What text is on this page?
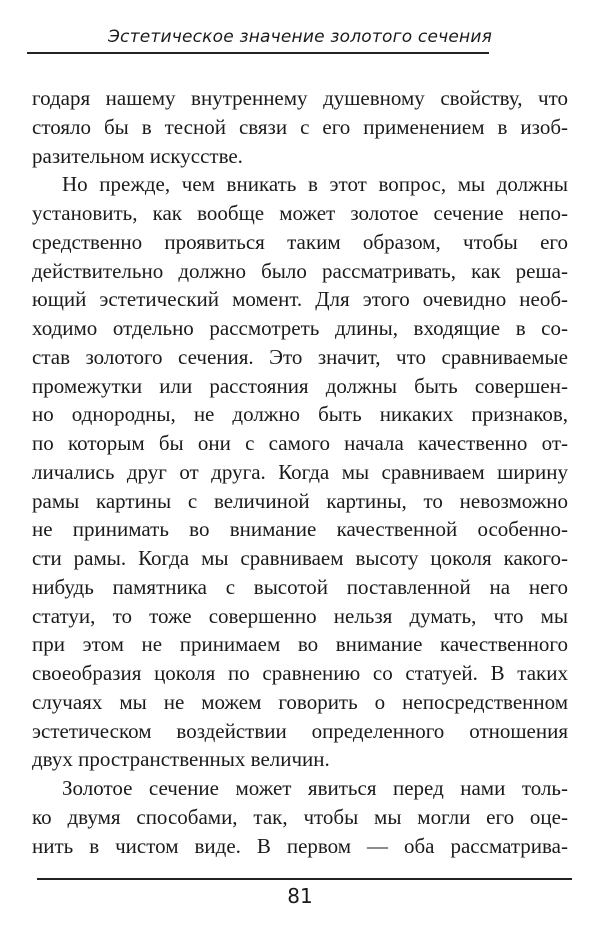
Эстетическое значение золотого сечения
годаря нашему внутреннему душевному свойству, что
стояло бы в тесной связи с его применением в изоб-
разительном искусстве.
Но прежде, чем вникать в этот вопрос, мы должны
установить, как вообще может золотое сечение непо-
средственно проявиться таким образом, чтобы его
действительно должно было рассматривать, как реша-
ющий эстетический момент. Для этого очевидно необ-
ходимо отдельно рассмотреть длины, входящие в со-
став золотого сечения. Это значит, что сравниваемые
промежутки или расстояния должны быть совершен-
но однородны, не должно быть никаких признаков,
по которым бы они с самого начала качественно от-
личались друг от друга. Когда мы сравниваем ширину
рамы картины с величиной картины, то невозможно
не принимать во внимание качественной особенно-
сти рамы. Когда мы сравниваем высоту цоколя какого-
нибудь памятника с высотой поставленной на него
статуи, то тоже совершенно нельзя думать, что мы
при этом не принимаем во внимание качественного
своеобразия цоколя по сравнению со статуей. В таких
случаях мы не можем говорить о непосредственном
эстетическом воздействии определенного отношения
двух пространственных величин.
Золотое сечение может явиться перед нами толь-
ко двумя способами, так, чтобы мы могли его оце-
нить в чистом виде. В первом — оба рассматрива-
81
